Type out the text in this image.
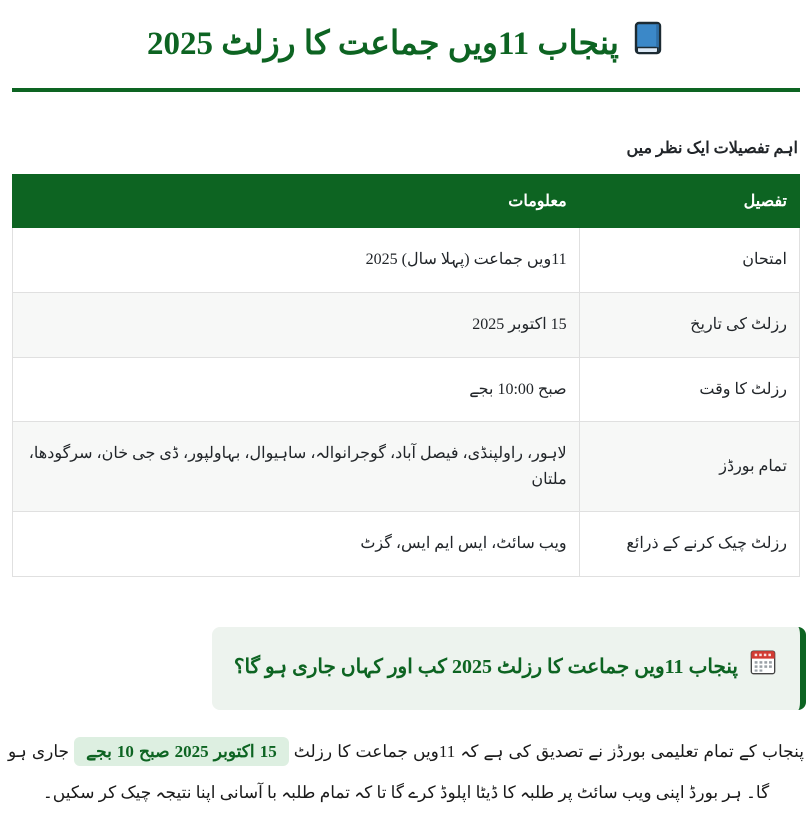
پنجاب 11ویں جماعت کا رزلٹ 2025
اہم تفصیلات ایک نظر میں
تفصیل	معلومات
امتحان	11ویں جماعت (پہلا سال) 2025
رزلٹ کی تاریخ	15 اکتوبر 2025
رزلٹ کا وقت	صبح 10:00 بجے
تمام بورڈز	لاہور، راولپنڈی، فیصل آباد، گوجرانوالہ، ساہیوال، بہاولپور، ڈی جی خان، سرگودھا، ملتان
رزلٹ چیک کرنے کے ذرائع	ویب سائٹ، ایس ایم ایس، گزٹ
پنجاب 11ویں جماعت کا رزلٹ 2025 کب اور کہاں جاری ہو گا؟

پنجاب کے تمام تعلیمی بورڈز نے تصدیق کی ہے کہ 11ویں جماعت کا رزلٹ 15 اکتوبر 2025 صبح 10 بجے جاری ہو گا۔ ہر بورڈ اپنی ویب سائٹ پر طلبہ کا ڈیٹا اپلوڈ کرے گا تا کہ تمام طلبہ با آسانی اپنا نتیجہ چیک کر سکیں۔
